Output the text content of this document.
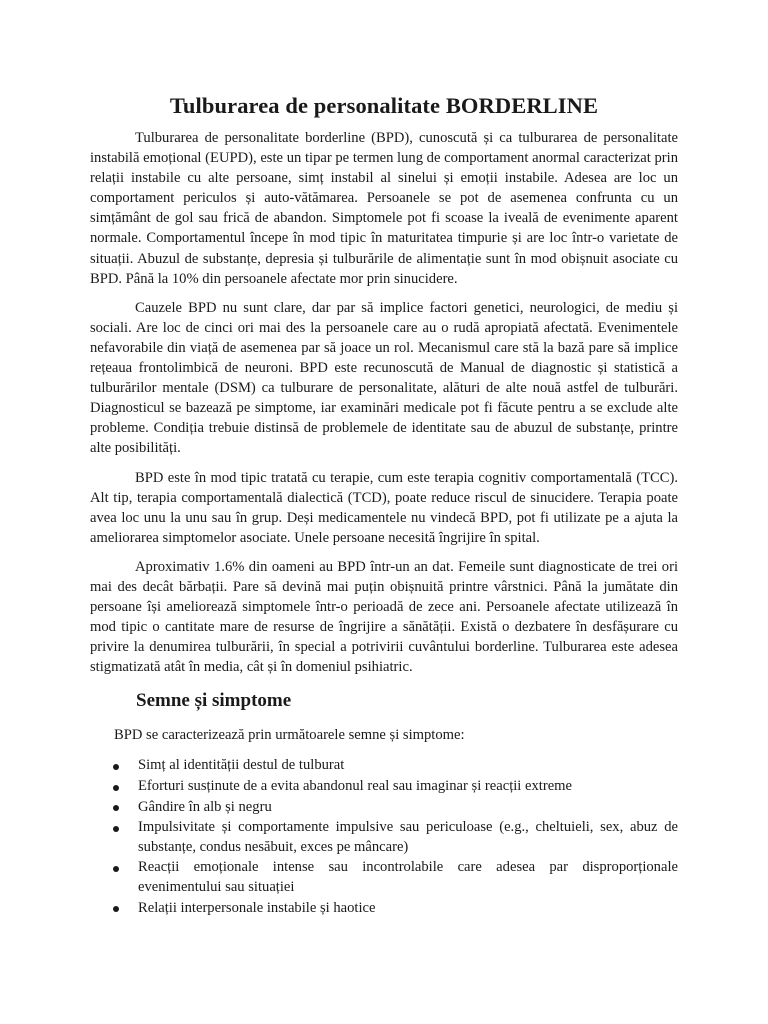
Tulburarea de personalitate BORDERLINE

Tulburarea de personalitate borderline (BPD), cunoscută și ca tulburarea de personalitate instabilă emoțional (EUPD), este un tipar pe termen lung de comportament anormal caracterizat prin relații instabile cu alte persoane, simț instabil al sinelui și emoții instabile. Adesea are loc un comportament periculos și auto-vătămarea. Persoanele se pot de asemenea confrunta cu un simțământ de gol sau frică de abandon. Simptomele pot fi scoase la iveală de evenimente aparent normale. Comportamentul începe în mod tipic în maturitatea timpurie și are loc într-o varietate de situații. Abuzul de substanțe, depresia și tulburările de alimentație sunt în mod obișnuit asociate cu BPD. Până la 10% din persoanele afectate mor prin sinucidere.

Cauzele BPD nu sunt clare, dar par să implice factori genetici, neurologici, de mediu și sociali. Are loc de cinci ori mai des la persoanele care au o rudă apropiată afectată. Evenimentele nefavorabile din viață de asemenea par să joace un rol. Mecanismul care stă la bază pare să implice rețeaua frontolimbică de neuroni. BPD este recunoscută de Manual de diagnostic și statistică a tulburărilor mentale (DSM) ca tulburare de personalitate, alături de alte nouă astfel de tulburări. Diagnosticul se bazează pe simptome, iar examinări medicale pot fi făcute pentru a se exclude alte probleme. Condiția trebuie distinsă de problemele de identitate sau de abuzul de substanțe, printre alte posibilități.

BPD este în mod tipic tratată cu terapie, cum este terapia cognitiv comportamentală (TCC). Alt tip, terapia comportamentală dialectică (TCD), poate reduce riscul de sinucidere. Terapia poate avea loc unu la unu sau în grup. Deși medicamentele nu vindecă BPD, pot fi utilizate pe a ajuta la ameliorarea simptomelor asociate. Unele persoane necesită îngrijire în spital.

Aproximativ 1.6% din oameni au BPD într-un an dat. Femeile sunt diagnosticate de trei ori mai des decât bărbații. Pare să devină mai puțin obișnuită printre vârstnici. Până la jumătate din persoane își ameliorează simptomele într-o perioadă de zece ani. Persoanele afectate utilizează în mod tipic o cantitate mare de resurse de îngrijire a sănătății. Există o dezbatere în desfășurare cu privire la denumirea tulburării, în special a potrivirii cuvântului borderline. Tulburarea este adesea stigmatizată atât în media, cât și în domeniul psihiatric.

Semne și simptome

BPD se caracterizează prin următoarele semne și simptome:

Simț al identității destul de tulburat
Eforturi susținute de a evita abandonul real sau imaginar și reacții extreme
Gândire în alb și negru
Impulsivitate și comportamente impulsive sau periculoase (e.g., cheltuieli, sex, abuz de substanțe, condus nesăbuit, exces pe mâncare)
Reacții emoționale intense sau incontrolabile care adesea par disproporționale evenimentului sau situației
Relații interpersonale instabile și haotice
